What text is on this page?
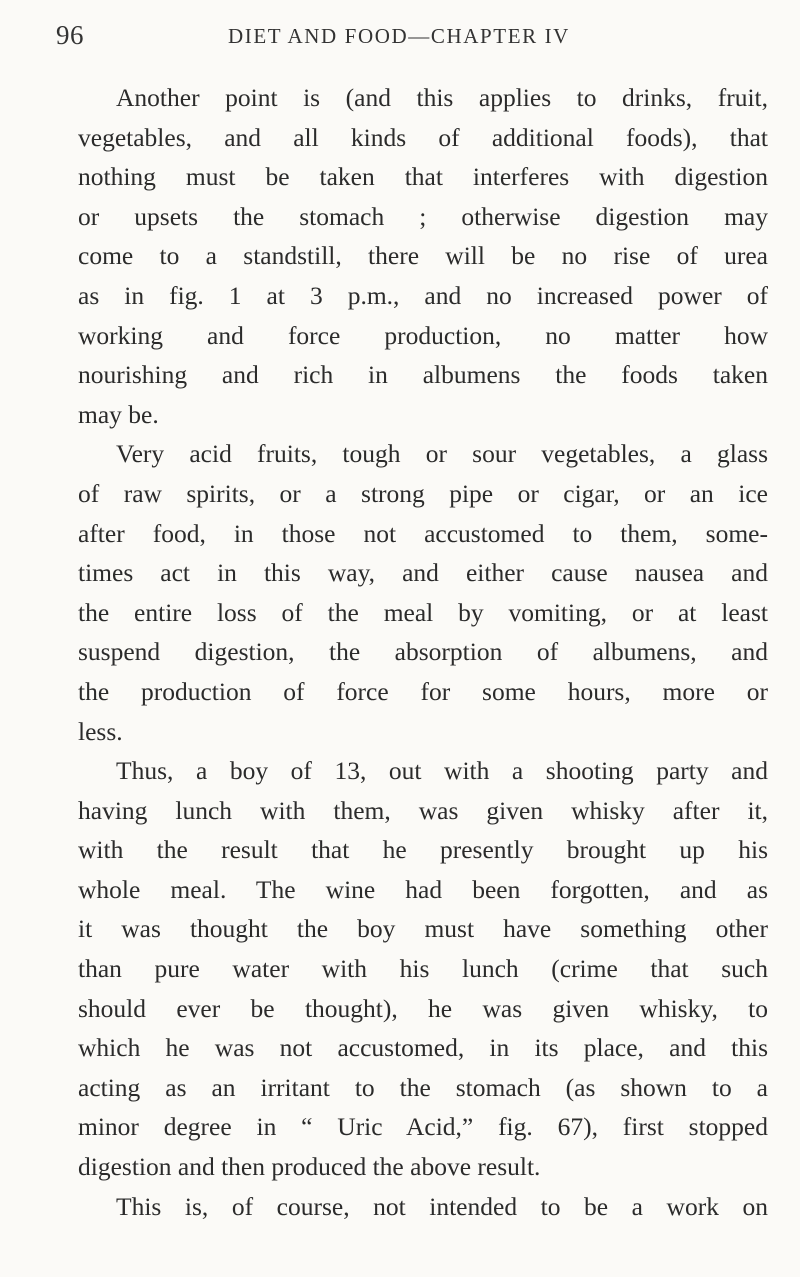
96	DIET AND FOOD—CHAPTER IV
Another point is (and this applies to drinks, fruit,
vegetables, and all kinds of additional foods), that
nothing must be taken that interferes with digestion
or upsets the stomach ; otherwise digestion may
come to a standstill, there will be no rise of urea
as in fig. 1 at 3 p.m., and no increased power of
working and force production, no matter how
nourishing and rich in albumens the foods taken
may be.
Very acid fruits, tough or sour vegetables, a glass
of raw spirits, or a strong pipe or cigar, or an ice
after food, in those not accustomed to them, some-
times act in this way, and either cause nausea and
the entire loss of the meal by vomiting, or at least
suspend digestion, the absorption of albumens, and
the production of force for some hours, more or
less.
Thus, a boy of 13, out with a shooting party and
having lunch with them, was given whisky after it,
with the result that he presently brought up his
whole meal. The wine had been forgotten, and as
it was thought the boy must have something other
than pure water with his lunch (crime that such
should ever be thought), he was given whisky, to
which he was not accustomed, in its place, and this
acting as an irritant to the stomach (as shown to a
minor degree in “ Uric Acid,” fig. 67), first stopped
digestion and then produced the above result.
This is, of course, not intended to be a work on
